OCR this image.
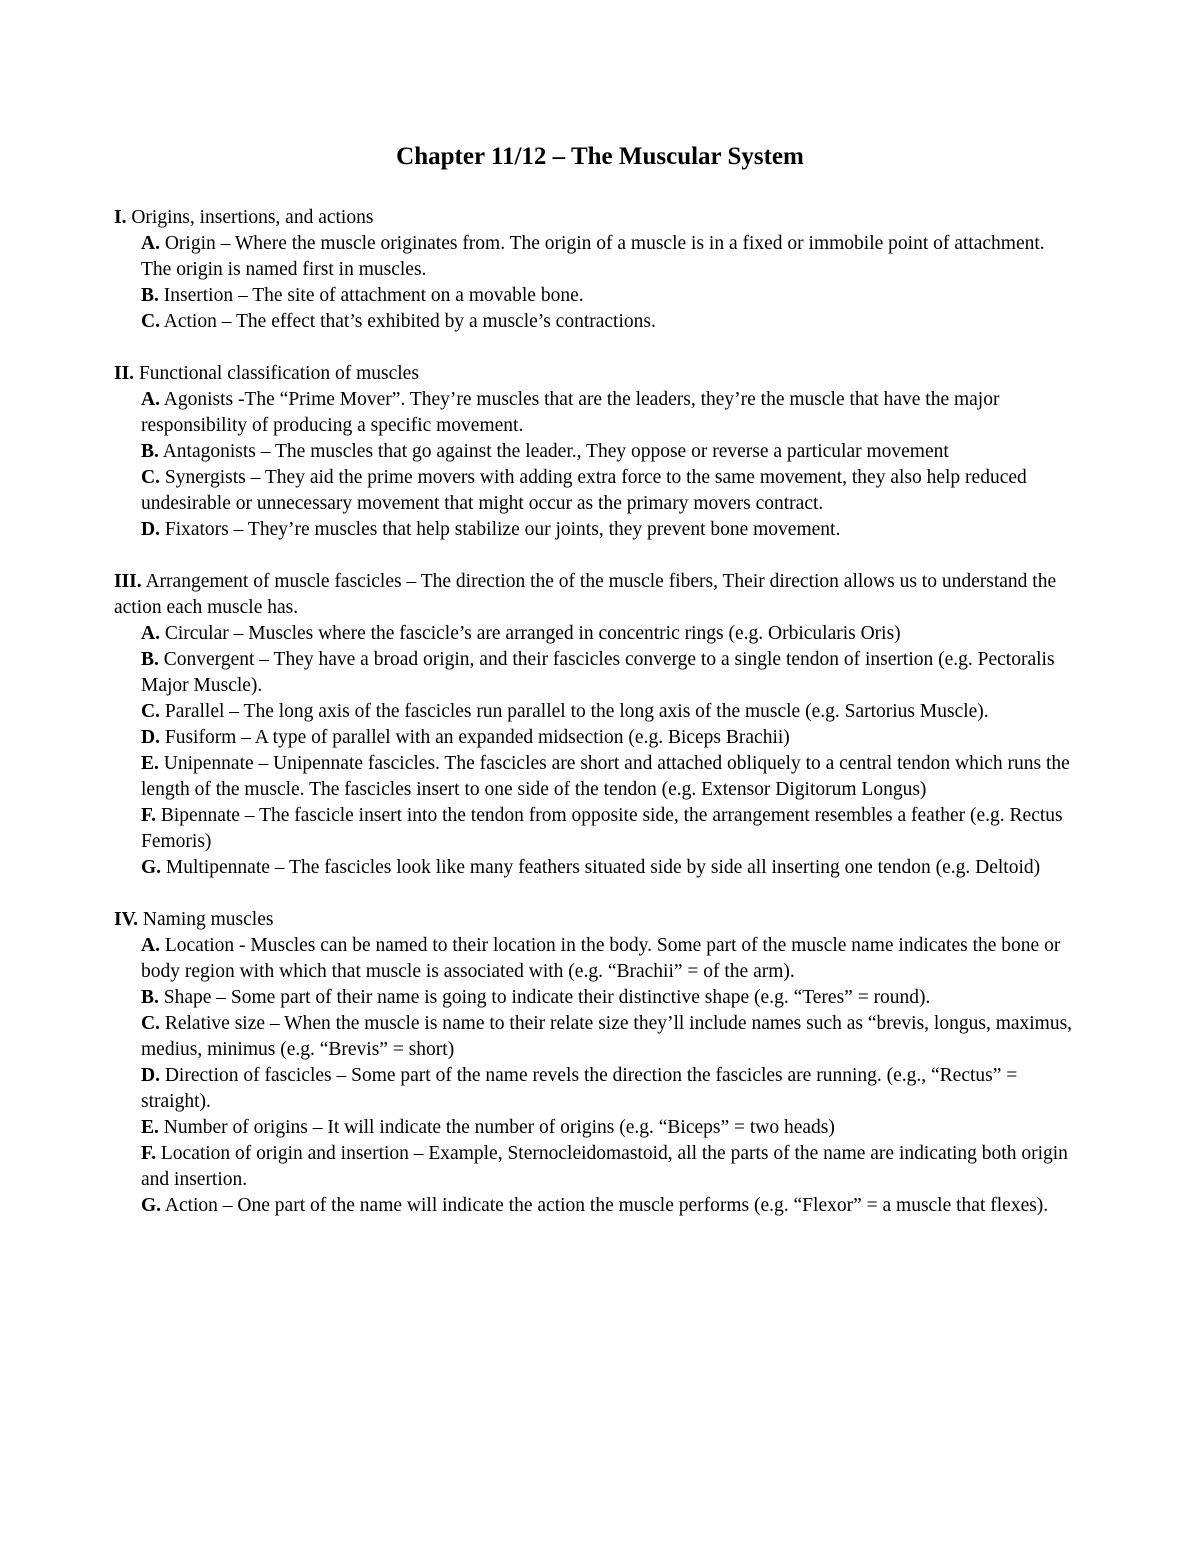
Chapter 11/12 – The Muscular System
I. Origins, insertions, and actions
A. Origin – Where the muscle originates from. The origin of a muscle is in a fixed or immobile point of attachment. The origin is named first in muscles.
B. Insertion – The site of attachment on a movable bone.
C. Action – The effect that’s exhibited by a muscle’s contractions.
II. Functional classification of muscles
A. Agonists -The “Prime Mover”. They’re muscles that are the leaders, they’re the muscle that have the major responsibility of producing a specific movement.
B. Antagonists – The muscles that go against the leader., They oppose or reverse a particular movement
C. Synergists – They aid the prime movers with adding extra force to the same movement, they also help reduced undesirable or unnecessary movement that might occur as the primary movers contract.
D. Fixators – They’re muscles that help stabilize our joints, they prevent bone movement.
III. Arrangement of muscle fascicles – The direction the of the muscle fibers, Their direction allows us to understand the action each muscle has.
A. Circular – Muscles where the fascicle’s are arranged in concentric rings (e.g. Orbicularis Oris)
B. Convergent – They have a broad origin, and their fascicles converge to a single tendon of insertion (e.g. Pectoralis Major Muscle).
C. Parallel – The long axis of the fascicles run parallel to the long axis of the muscle (e.g. Sartorius Muscle).
D. Fusiform – A type of parallel with an expanded midsection (e.g. Biceps Brachii)
E. Unipennate – Unipennate fascicles. The fascicles are short and attached obliquely to a central tendon which runs the length of the muscle. The fascicles insert to one side of the tendon (e.g. Extensor Digitorum Longus)
F. Bipennate – The fascicle insert into the tendon from opposite side, the arrangement resembles a feather (e.g. Rectus Femoris)
G. Multipennate – The fascicles look like many feathers situated side by side all inserting one tendon (e.g. Deltoid)
IV. Naming muscles
A. Location - Muscles can be named to their location in the body. Some part of the muscle name indicates the bone or body region with which that muscle is associated with (e.g. “Brachii” = of the arm).
B. Shape – Some part of their name is going to indicate their distinctive shape (e.g. “Teres” = round).
C. Relative size – When the muscle is name to their relate size they’ll include names such as “brevis, longus, maximus, medius, minimus (e.g. “Brevis” = short)
D. Direction of fascicles – Some part of the name revels the direction the fascicles are running. (e.g., “Rectus” = straight).
E. Number of origins – It will indicate the number of origins (e.g. “Biceps” = two heads)
F. Location of origin and insertion – Example, Sternocleidomastoid, all the parts of the name are indicating both origin and insertion.
G. Action – One part of the name will indicate the action the muscle performs (e.g. “Flexor” = a muscle that flexes).
